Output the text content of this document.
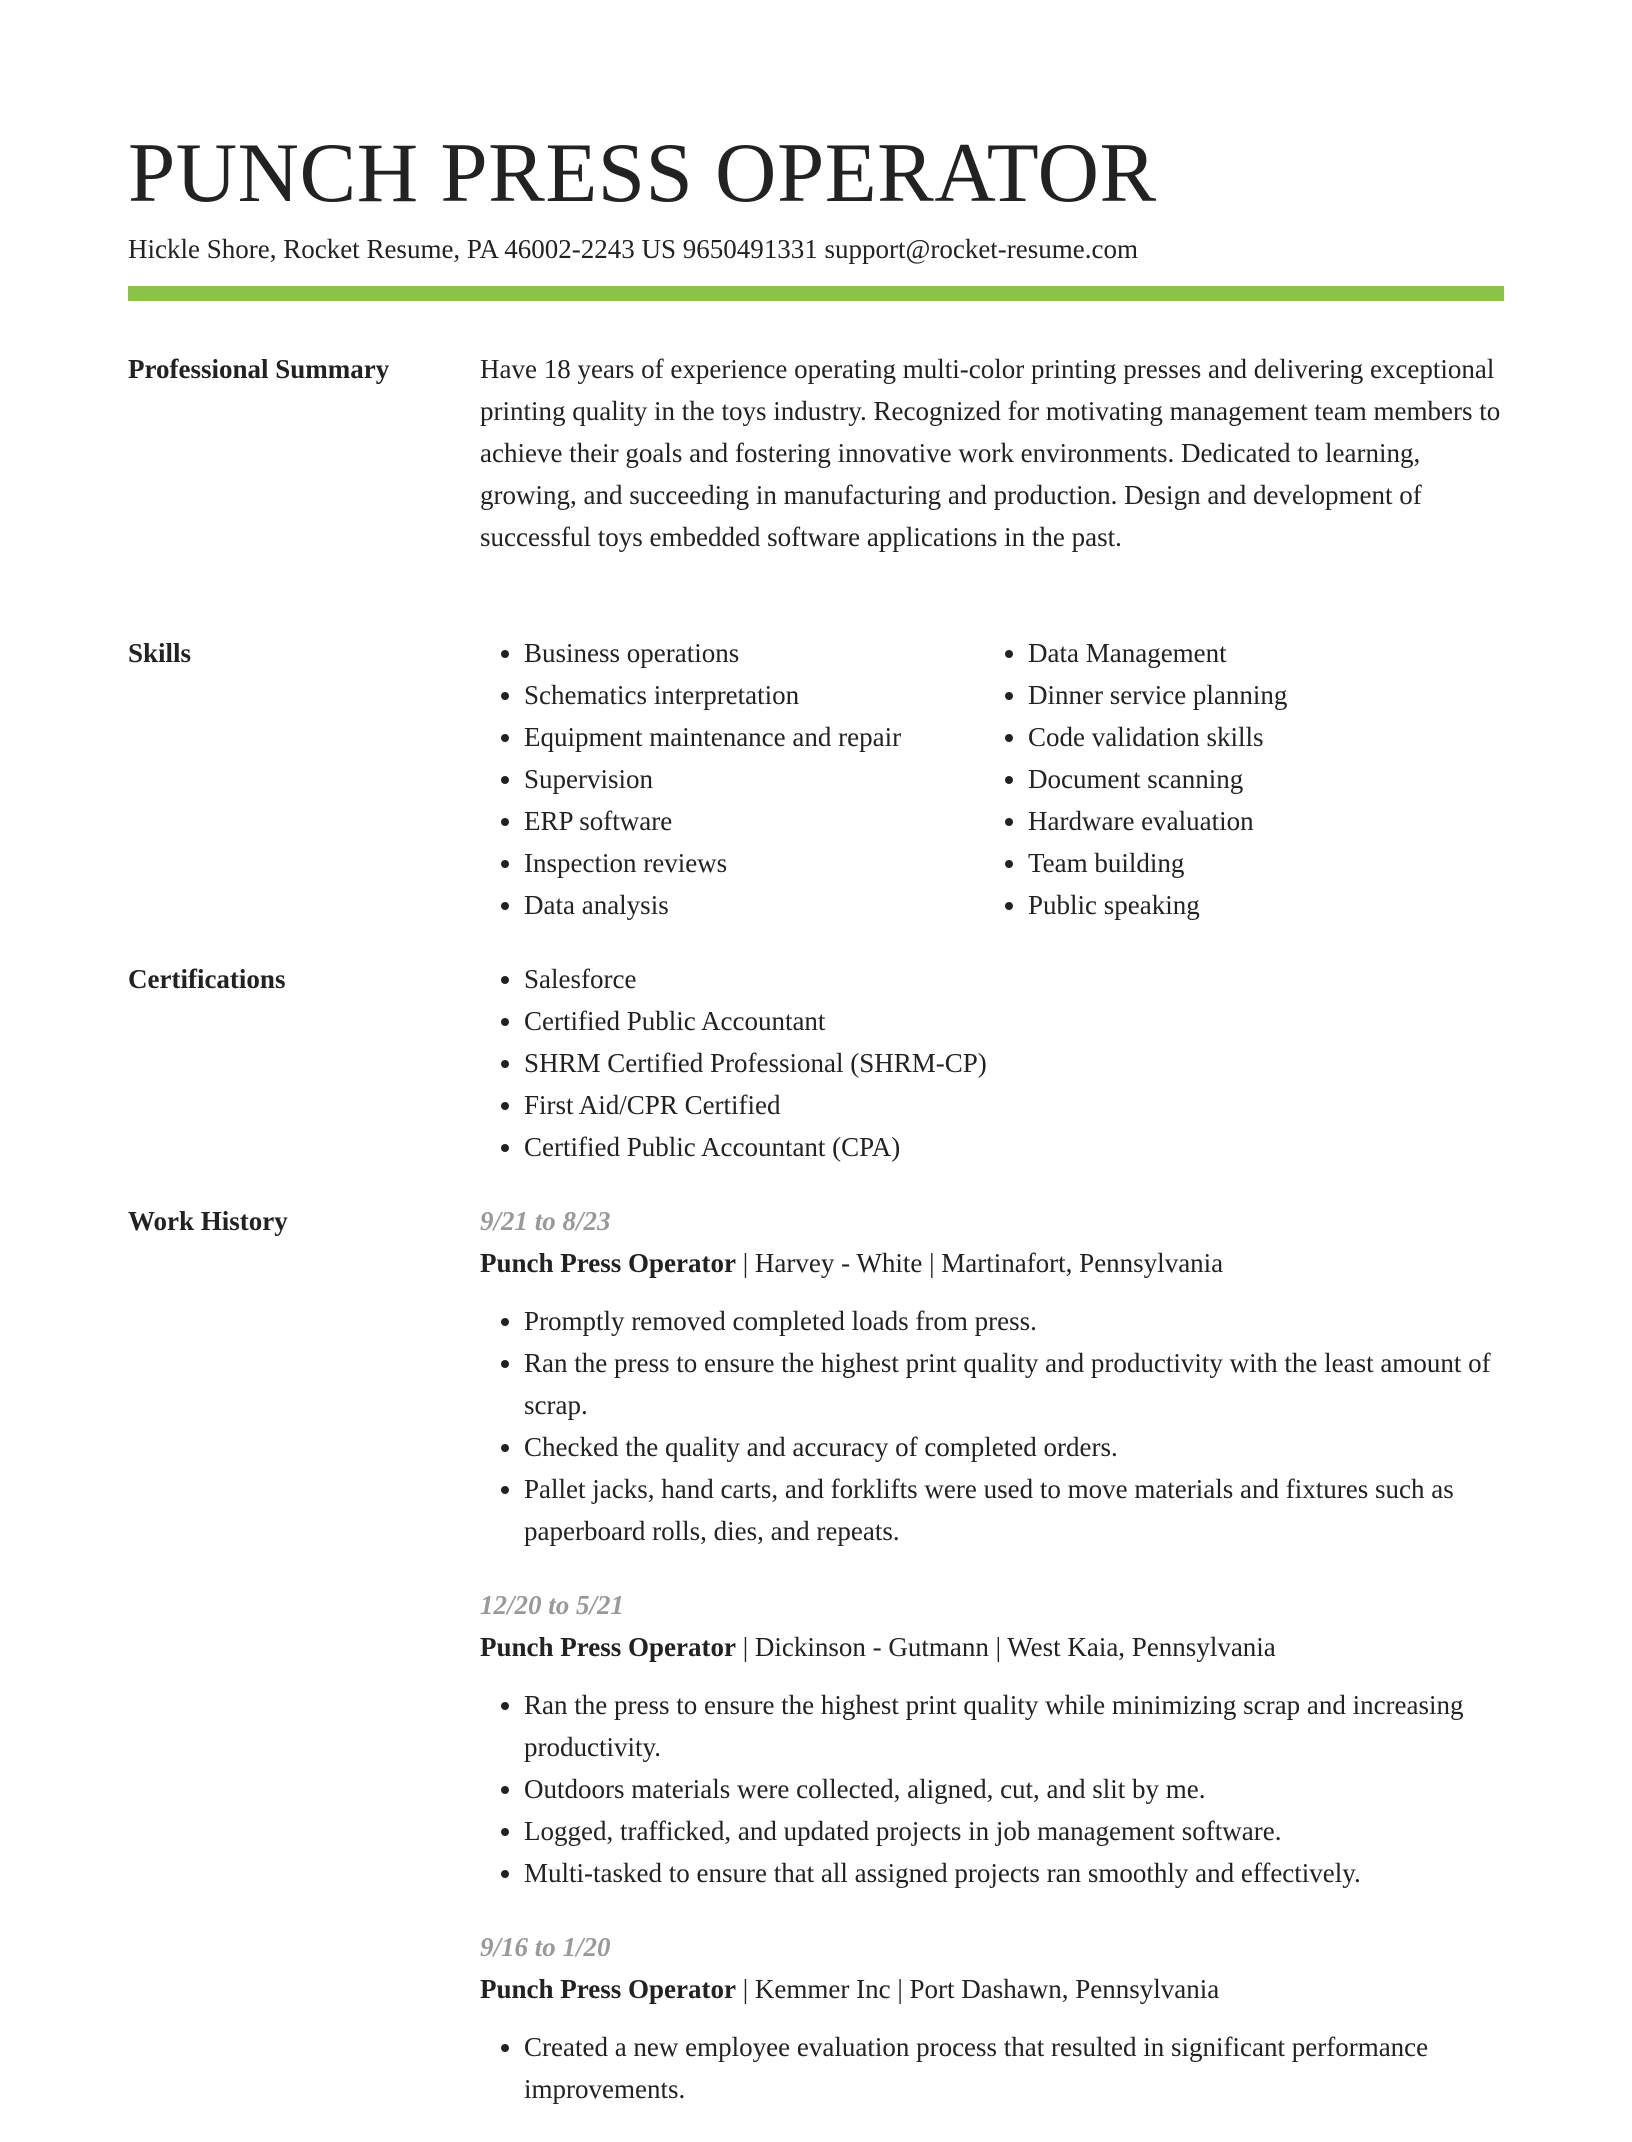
PUNCH PRESS OPERATOR
Hickle Shore, Rocket Resume, PA 46002-2243 US 9650491331 support@rocket-resume.com
Professional Summary	Have 18 years of experience operating multi-color printing presses and delivering exceptional printing quality in the toys industry. Recognized for motivating management team members to achieve their goals and fostering innovative work environments. Dedicated to learning, growing, and succeeding in manufacturing and production. Design and development of successful toys embedded software applications in the past.

Skills	• Business operations
• Schematics interpretation
• Equipment maintenance and repair
• Supervision
• ERP software
• Inspection reviews
• Data analysis
• Data Management
• Dinner service planning
• Code validation skills
• Document scanning
• Hardware evaluation
• Team building
• Public speaking
Certifications	• Salesforce
• Certified Public Accountant
• SHRM Certified Professional (SHRM-CP)
• First Aid/CPR Certified
• Certified Public Accountant (CPA)
Work History	9/21 to 8/23
Punch Press Operator | Harvey - White | Martinafort, Pennsylvania
• Promptly removed completed loads from press.
• Ran the press to ensure the highest print quality and productivity with the least amount of scrap.
• Checked the quality and accuracy of completed orders.
• Pallet jacks, hand carts, and forklifts were used to move materials and fixtures such as paperboard rolls, dies, and repeats.
12/20 to 5/21
Punch Press Operator | Dickinson - Gutmann | West Kaia, Pennsylvania
• Ran the press to ensure the highest print quality while minimizing scrap and increasing productivity.
• Outdoors materials were collected, aligned, cut, and slit by me.
• Logged, trafficked, and updated projects in job management software.
• Multi-tasked to ensure that all assigned projects ran smoothly and effectively.
9/16 to 1/20
Punch Press Operator | Kemmer Inc | Port Dashawn, Pennsylvania
• Created a new employee evaluation process that resulted in significant performance improvements.
